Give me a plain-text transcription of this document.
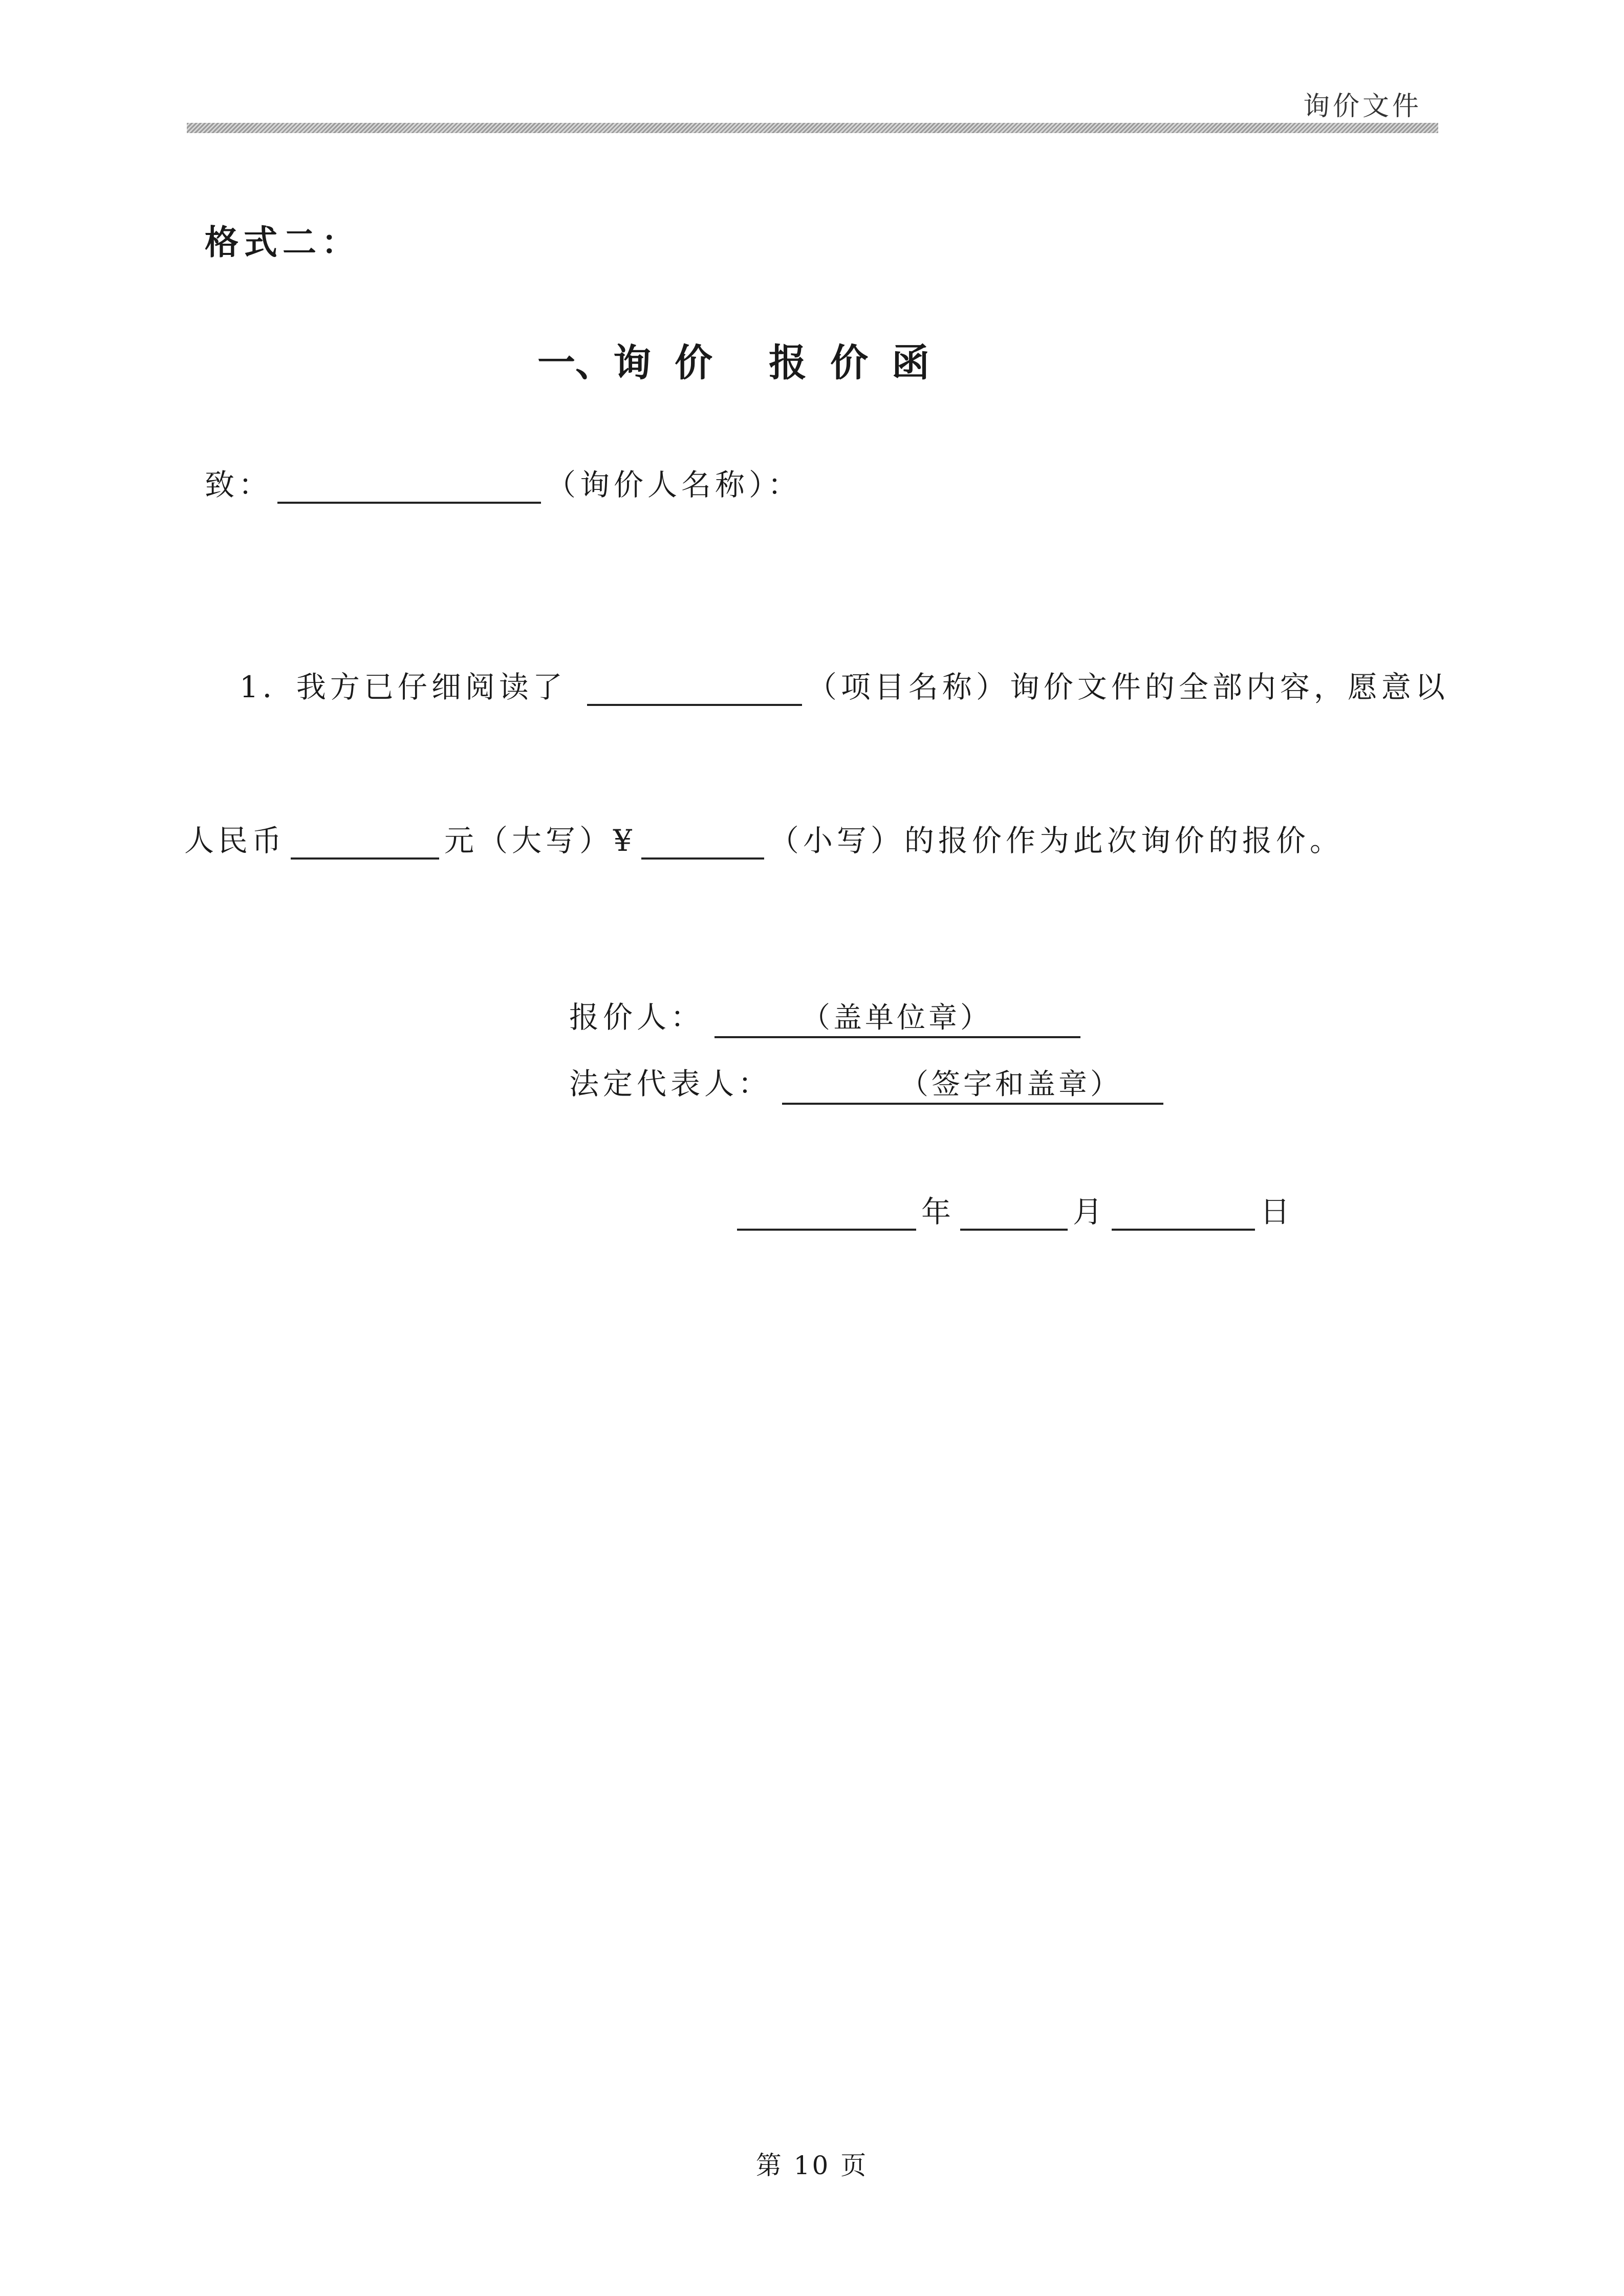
询价文件
格式二：
一、询 价 报 价 函
致：	（询价人名称）：
1．我方已仔细阅读了	（项目名称）询价文件的全部内容，愿意以
人民币	元（大写）¥	（小写）的报价作为此次询价的报价。
报价人：	（盖单位章）
法定代表人：	（签字和盖章）
年	月	日
第 10 页
